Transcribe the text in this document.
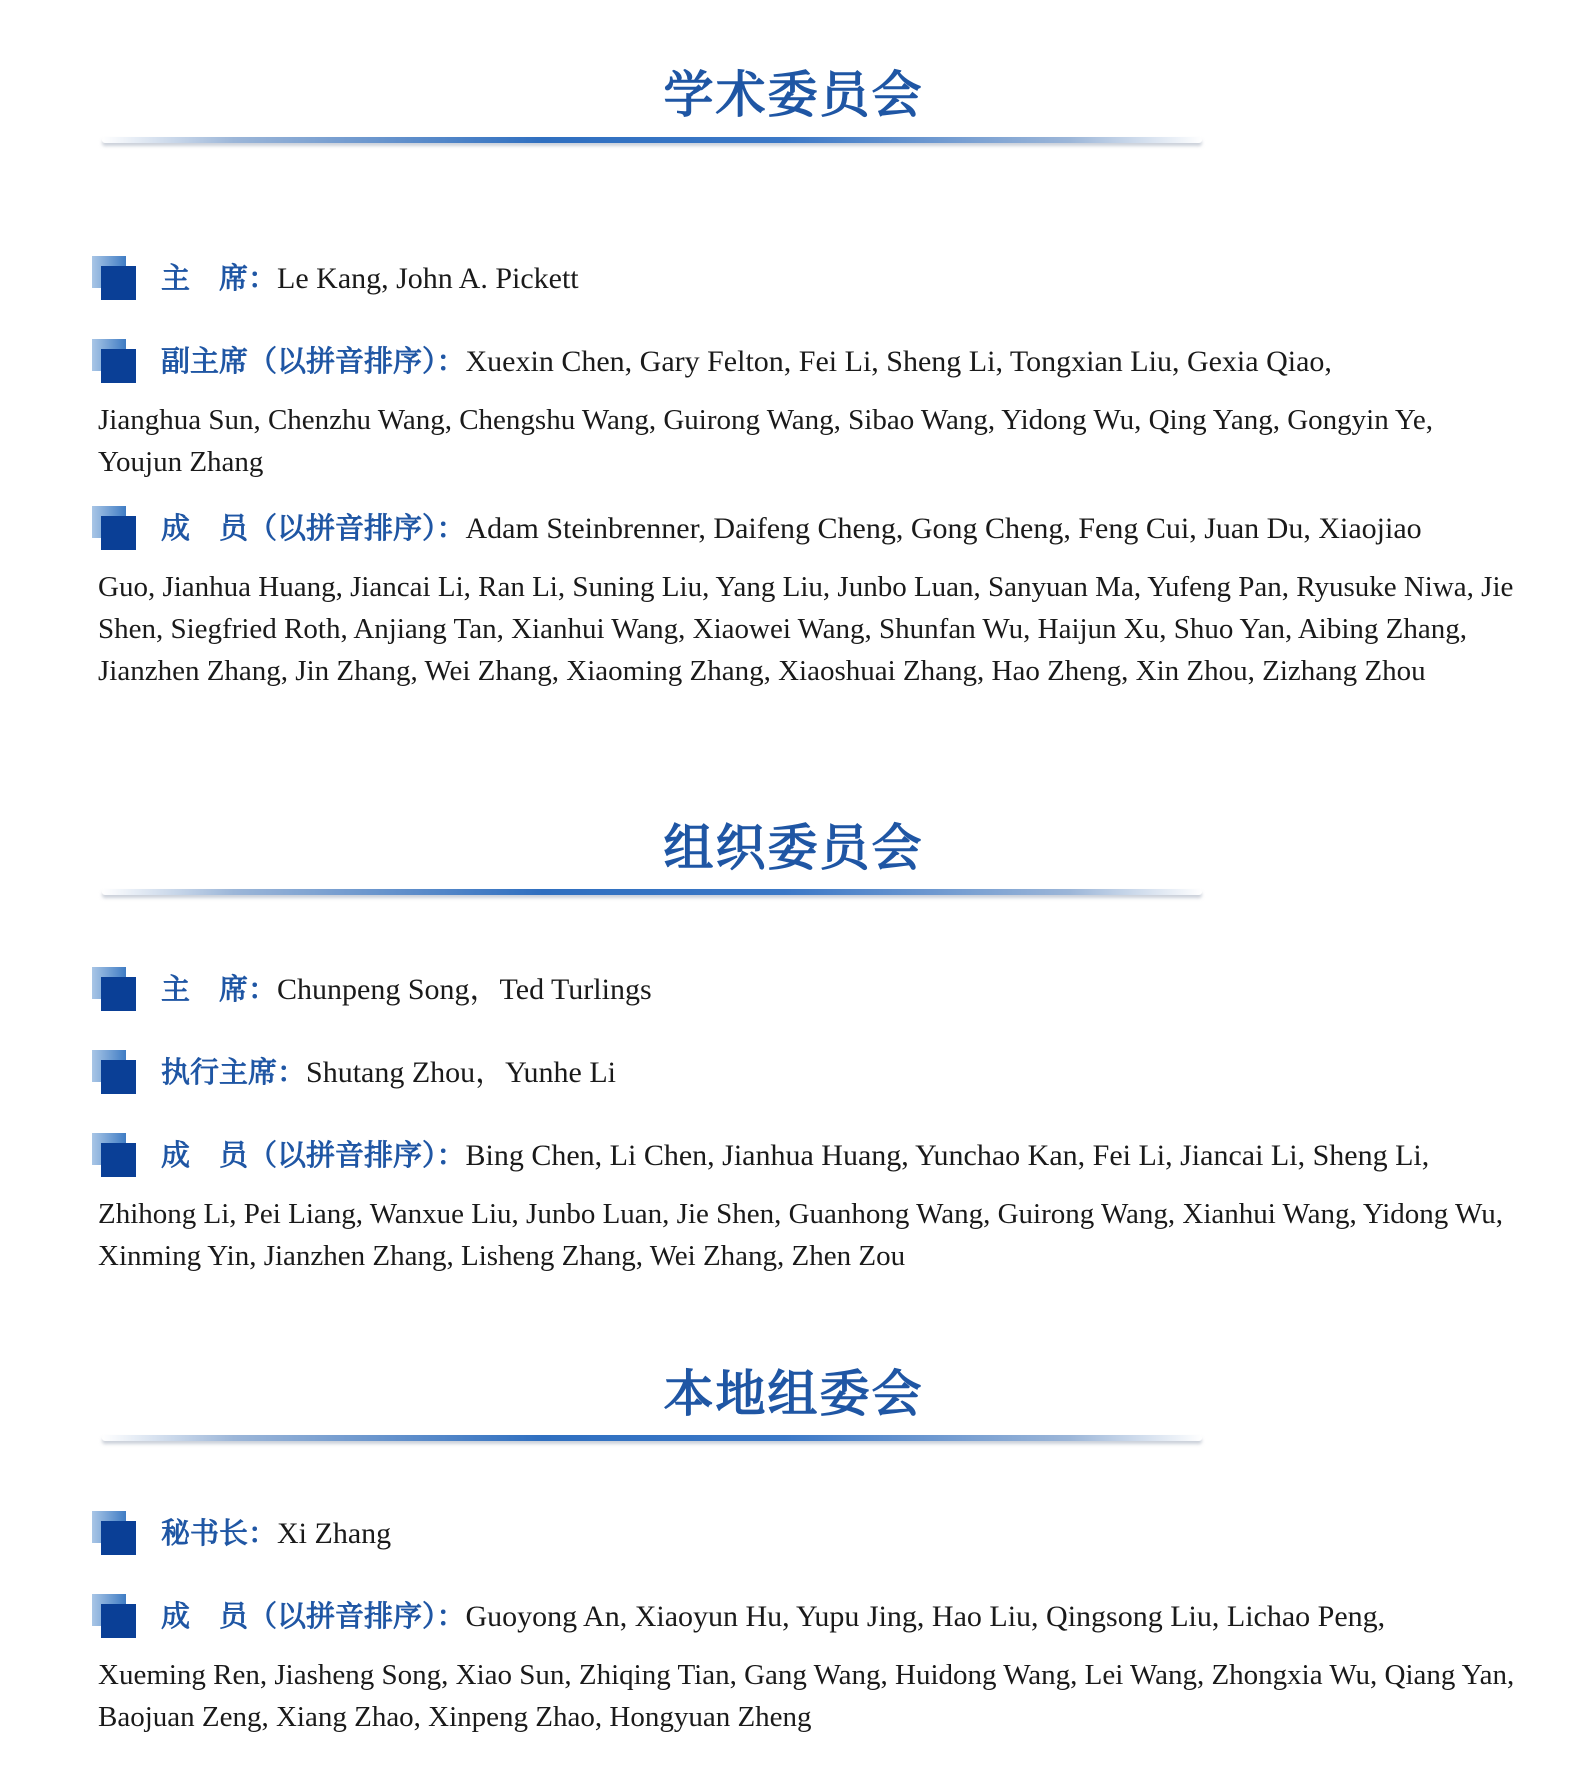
学术委员会
主　席：Le Kang, John A. Pickett
副主席（以拼音排序）：Xuexin Chen, Gary Felton, Fei Li, Sheng Li, Tongxian Liu, Gexia Qiao,
Jianghua Sun, Chenzhu Wang, Chengshu Wang, Guirong Wang, Sibao Wang, Yidong Wu, Qing Yang, Gongyin Ye, Youjun Zhang
成　员（以拼音排序）：Adam Steinbrenner, Daifeng Cheng, Gong Cheng, Feng Cui, Juan Du, Xiaojiao
Guo, Jianhua Huang, Jiancai Li, Ran Li, Suning Liu, Yang Liu, Junbo Luan, Sanyuan Ma, Yufeng Pan, Ryusuke Niwa, Jie Shen, Siegfried Roth, Anjiang Tan, Xianhui Wang, Xiaowei Wang, Shunfan Wu, Haijun Xu, Shuo Yan, Aibing Zhang, Jianzhen Zhang, Jin Zhang, Wei Zhang, Xiaoming Zhang, Xiaoshuai Zhang, Hao Zheng, Xin Zhou, Zizhang Zhou
组织委员会
主　席：Chunpeng Song，Ted Turlings
执行主席：Shutang Zhou，Yunhe Li
成　员（以拼音排序）：Bing Chen, Li Chen, Jianhua Huang, Yunchao Kan, Fei Li, Jiancai Li, Sheng Li,
Zhihong Li, Pei Liang, Wanxue Liu, Junbo Luan, Jie Shen, Guanhong Wang, Guirong Wang, Xianhui Wang, Yidong Wu, Xinming Yin, Jianzhen Zhang, Lisheng Zhang, Wei Zhang, Zhen Zou
本地组委会
秘书长：Xi Zhang
成　员（以拼音排序）：Guoyong An, Xiaoyun Hu, Yupu Jing, Hao Liu, Qingsong Liu, Lichao Peng,
Xueming Ren, Jiasheng Song, Xiao Sun, Zhiqing Tian, Gang Wang, Huidong Wang, Lei Wang, Zhongxia Wu, Qiang Yan, Baojuan Zeng, Xiang Zhao, Xinpeng Zhao, Hongyuan Zheng
